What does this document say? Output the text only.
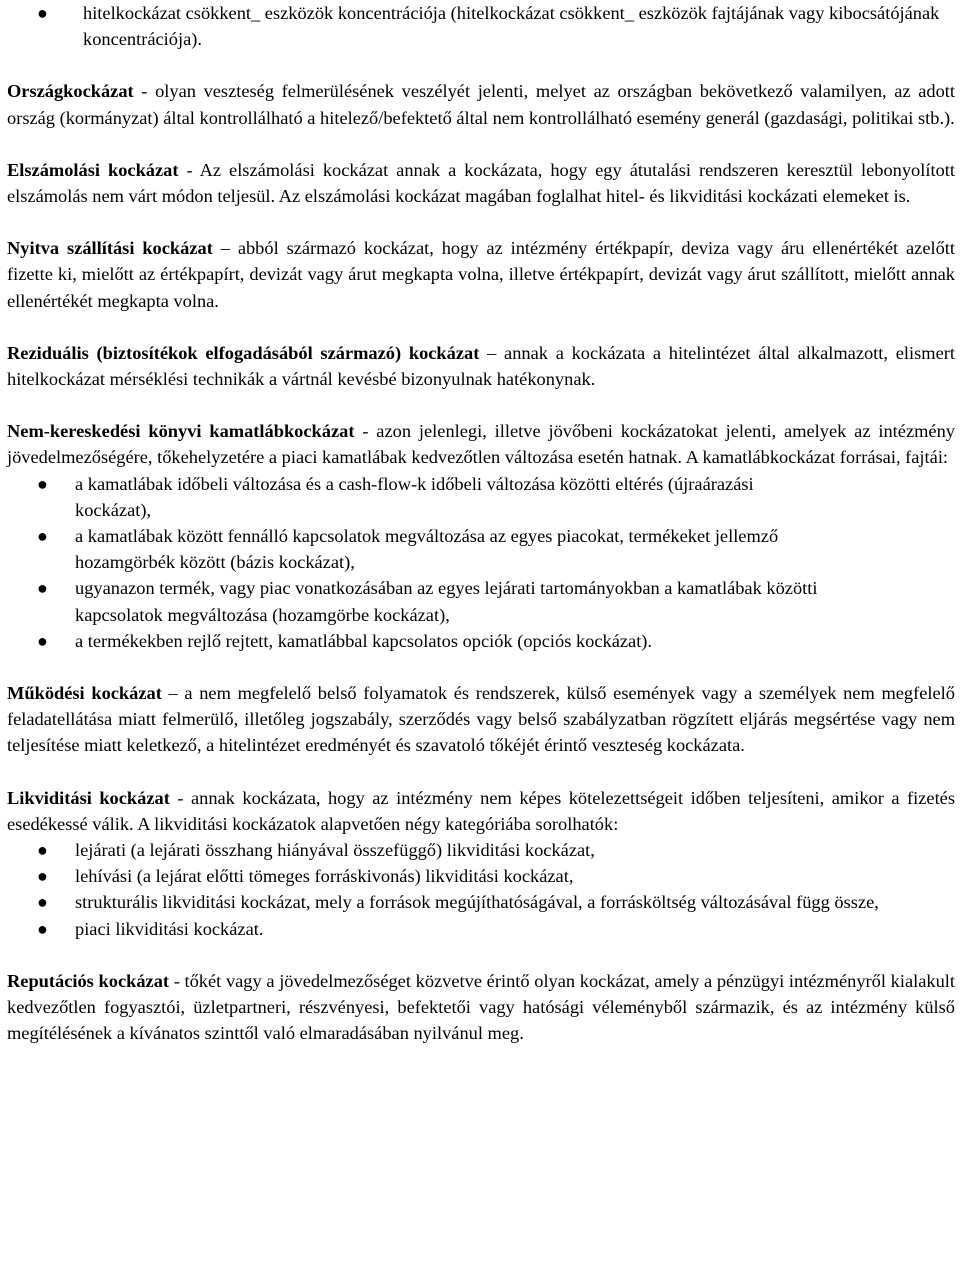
● hitelkockázat csökkent_ eszközök koncentrációja (hitelkockázat csökkent_ eszközök fajtájának vagy kibocsátójának koncentrációja).

Országkockázat - olyan veszteség felmerülésének veszélyét jelenti, melyet az országban bekövetkező valamilyen, az adott ország (kormányzat) által kontrollálható a hitelező/befektető által nem kontrollálható esemény generál (gazdasági, politikai stb.).

Elszámolási kockázat - Az elszámolási kockázat annak a kockázata, hogy egy átutalási rendszeren keresztül lebonyolított elszámolás nem várt módon teljesül. Az elszámolási kockázat magában foglalhat hitel- és likviditási kockázati elemeket is.

Nyitva szállítási kockázat – abból származó kockázat, hogy az intézmény értékpapír, deviza vagy áru ellenértékét azelőtt fizette ki, mielőtt az értékpapírt, devizát vagy árut megkapta volna, illetve értékpapírt, devizát vagy árut szállított, mielőtt annak ellenértékét megkapta volna.

Reziduális (biztosítékok elfogadásából származó) kockázat – annak a kockázata a hitelintézet által alkalmazott, elismert hitelkockázat mérséklési technikák a vártnál kevésbé bizonyulnak hatékonynak.

Nem-kereskedési könyvi kamatlábkockázat - azon jelenlegi, illetve jövőbeni kockázatokat jelenti, amelyek az intézmény jövedelmezőségére, tőkehelyzetére a piaci kamatlábak kedvezőtlen változása esetén hatnak. A kamatlábkockázat forrásai, fajtái:

● a kamatlábak időbeli változása és a cash-flow-k időbeli változása közötti eltérés (újraárazási kockázat),
● a kamatlábak között fennálló kapcsolatok megváltozása az egyes piacokat, termékeket jellemző hozamgörbék között (bázis kockázat),
● ugyanazon termék, vagy piac vonatkozásában az egyes lejárati tartományokban a kamatlábak közötti kapcsolatok megváltozása (hozamgörbe kockázat),
● a termékekben rejlő rejtett, kamatlábbal kapcsolatos opciók (opciós kockázat).

Működési kockázat – a nem megfelelő belső folyamatok és rendszerek, külső események vagy a személyek nem megfelelő feladatellátása miatt felmerülő, illetőleg jogszabály, szerződés vagy belső szabályzatban rögzített eljárás megsértése vagy nem teljesítése miatt keletkező, a hitelintézet eredményét és szavatoló tőkéjét érintő veszteség kockázata.

Likviditási kockázat - annak kockázata, hogy az intézmény nem képes kötelezettségeit időben teljesíteni, amikor a fizetés esedékessé válik. A likviditási kockázatok alapvetően négy kategóriába sorolhatók:

● lejárati (a lejárati összhang hiányával összefüggő) likviditási kockázat,
● lehívási (a lejárat előtti tömeges forráskivonás) likviditási kockázat,
● strukturális likviditási kockázat, mely a források megújíthatóságával, a forrásköltség változásával függ össze,
● piaci likviditási kockázat.

Reputációs kockázat - tőkét vagy a jövedelmezőséget közvetve érintő olyan kockázat, amely a pénzügyi intézményről kialakult kedvezőtlen fogyasztói, üzletpartneri, részvényesi, befektetői vagy hatósági véleményből származik, és az intézmény külső megítélésének a kívánatos szinttől való elmaradásában nyilvánul meg.
